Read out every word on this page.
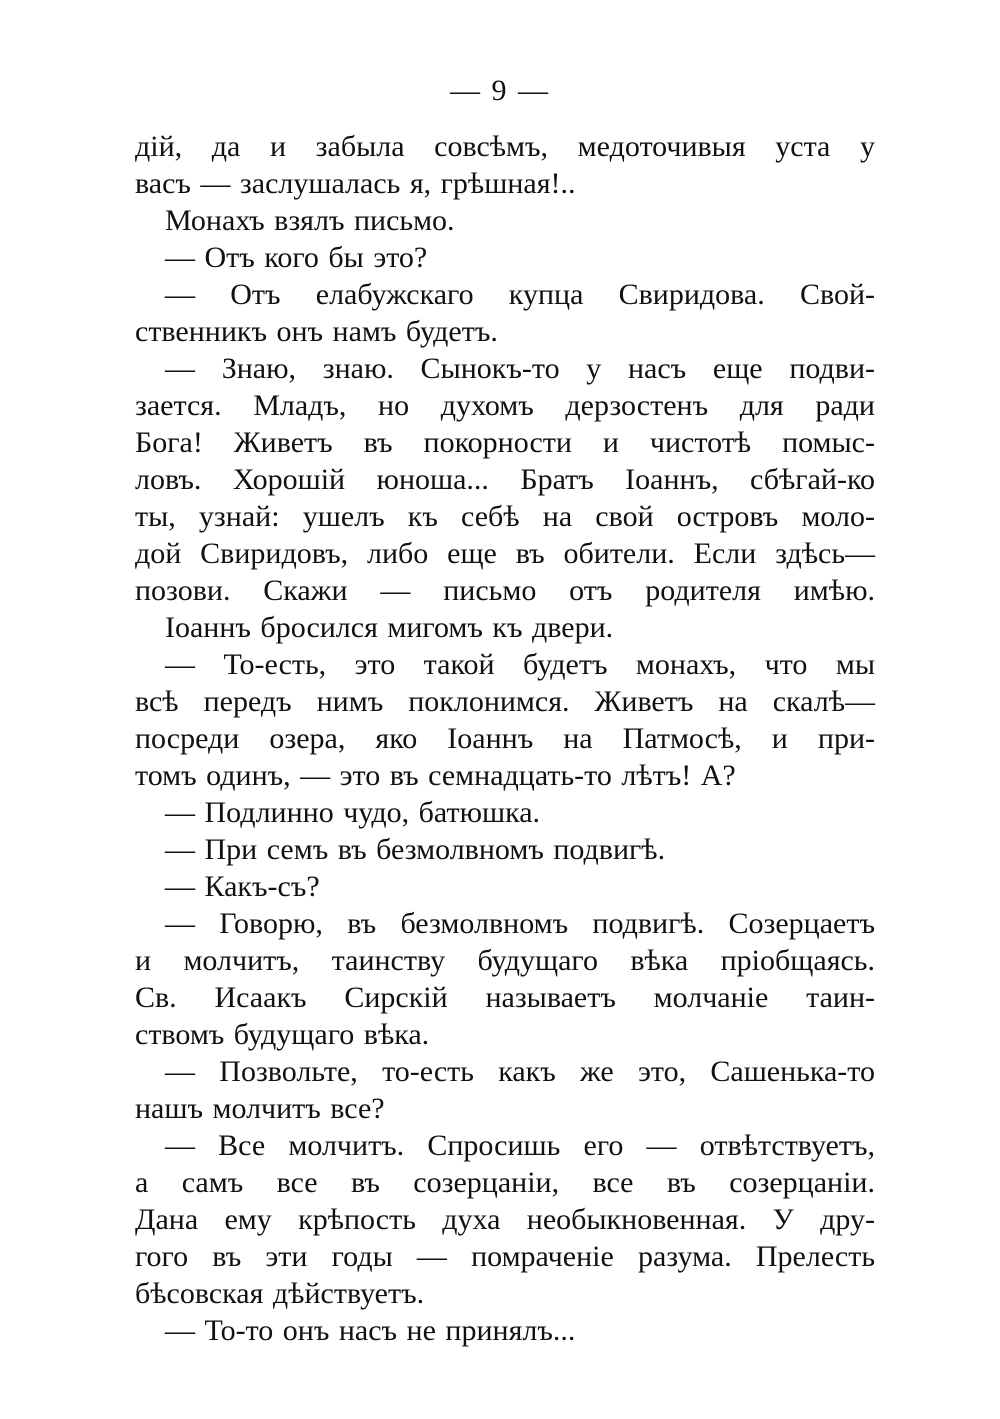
— 9 —
дій, да и забыла совсѣмъ, медоточивыя уста у
васъ — заслушалась я, грѣшная!..
Монахъ взялъ письмо.
— Отъ кого бы это?
— Отъ елабужскаго купца Свиридова. Свой-
ственникъ онъ намъ будетъ.
— Знаю, знаю. Сынокъ-то у насъ еще подви-
зается. Младъ, но духомъ дерзостенъ для ради
Бога! Живетъ въ покорности и чистотѣ помыс-
ловъ. Хорошій юноша... Братъ Іоаннъ, сбѣгай-ко
ты, узнай: ушелъ къ себѣ на свой островъ моло-
дой Свиридовъ, либо еще въ обители. Если здѣсь—
позови. Скажи — письмо отъ родителя имѣю.
Іоаннъ бросился мигомъ къ двери.
— То-есть, это такой будетъ монахъ, что мы
всѣ передъ нимъ поклонимся. Живетъ на скалѣ—
посреди озера, яко Іоаннъ на Патмосѣ, и при-
томъ одинъ, — это въ семнадцать-то лѣтъ! А?
— Подлинно чудо, батюшка.
— При семъ въ безмолвномъ подвигѣ.
— Какъ-съ?
— Говорю, въ безмолвномъ подвигѣ. Созерцаетъ
и молчитъ, таинству будущаго вѣка пріобщаясь.
Св. Исаакъ Сирскій называетъ молчаніе таин-
ствомъ будущаго вѣка.
— Позвольте, то-есть какъ же это, Сашенька-то
нашъ молчитъ все?
— Все молчитъ. Спросишь его — отвѣтствуетъ,
а самъ все въ созерцаніи, все въ созерцаніи.
Дана ему крѣпость духа необыкновенная. У дру-
гого въ эти годы — помраченіе разума. Прелесть
бѣсовская дѣйствуетъ.
— То-то онъ насъ не принялъ...
